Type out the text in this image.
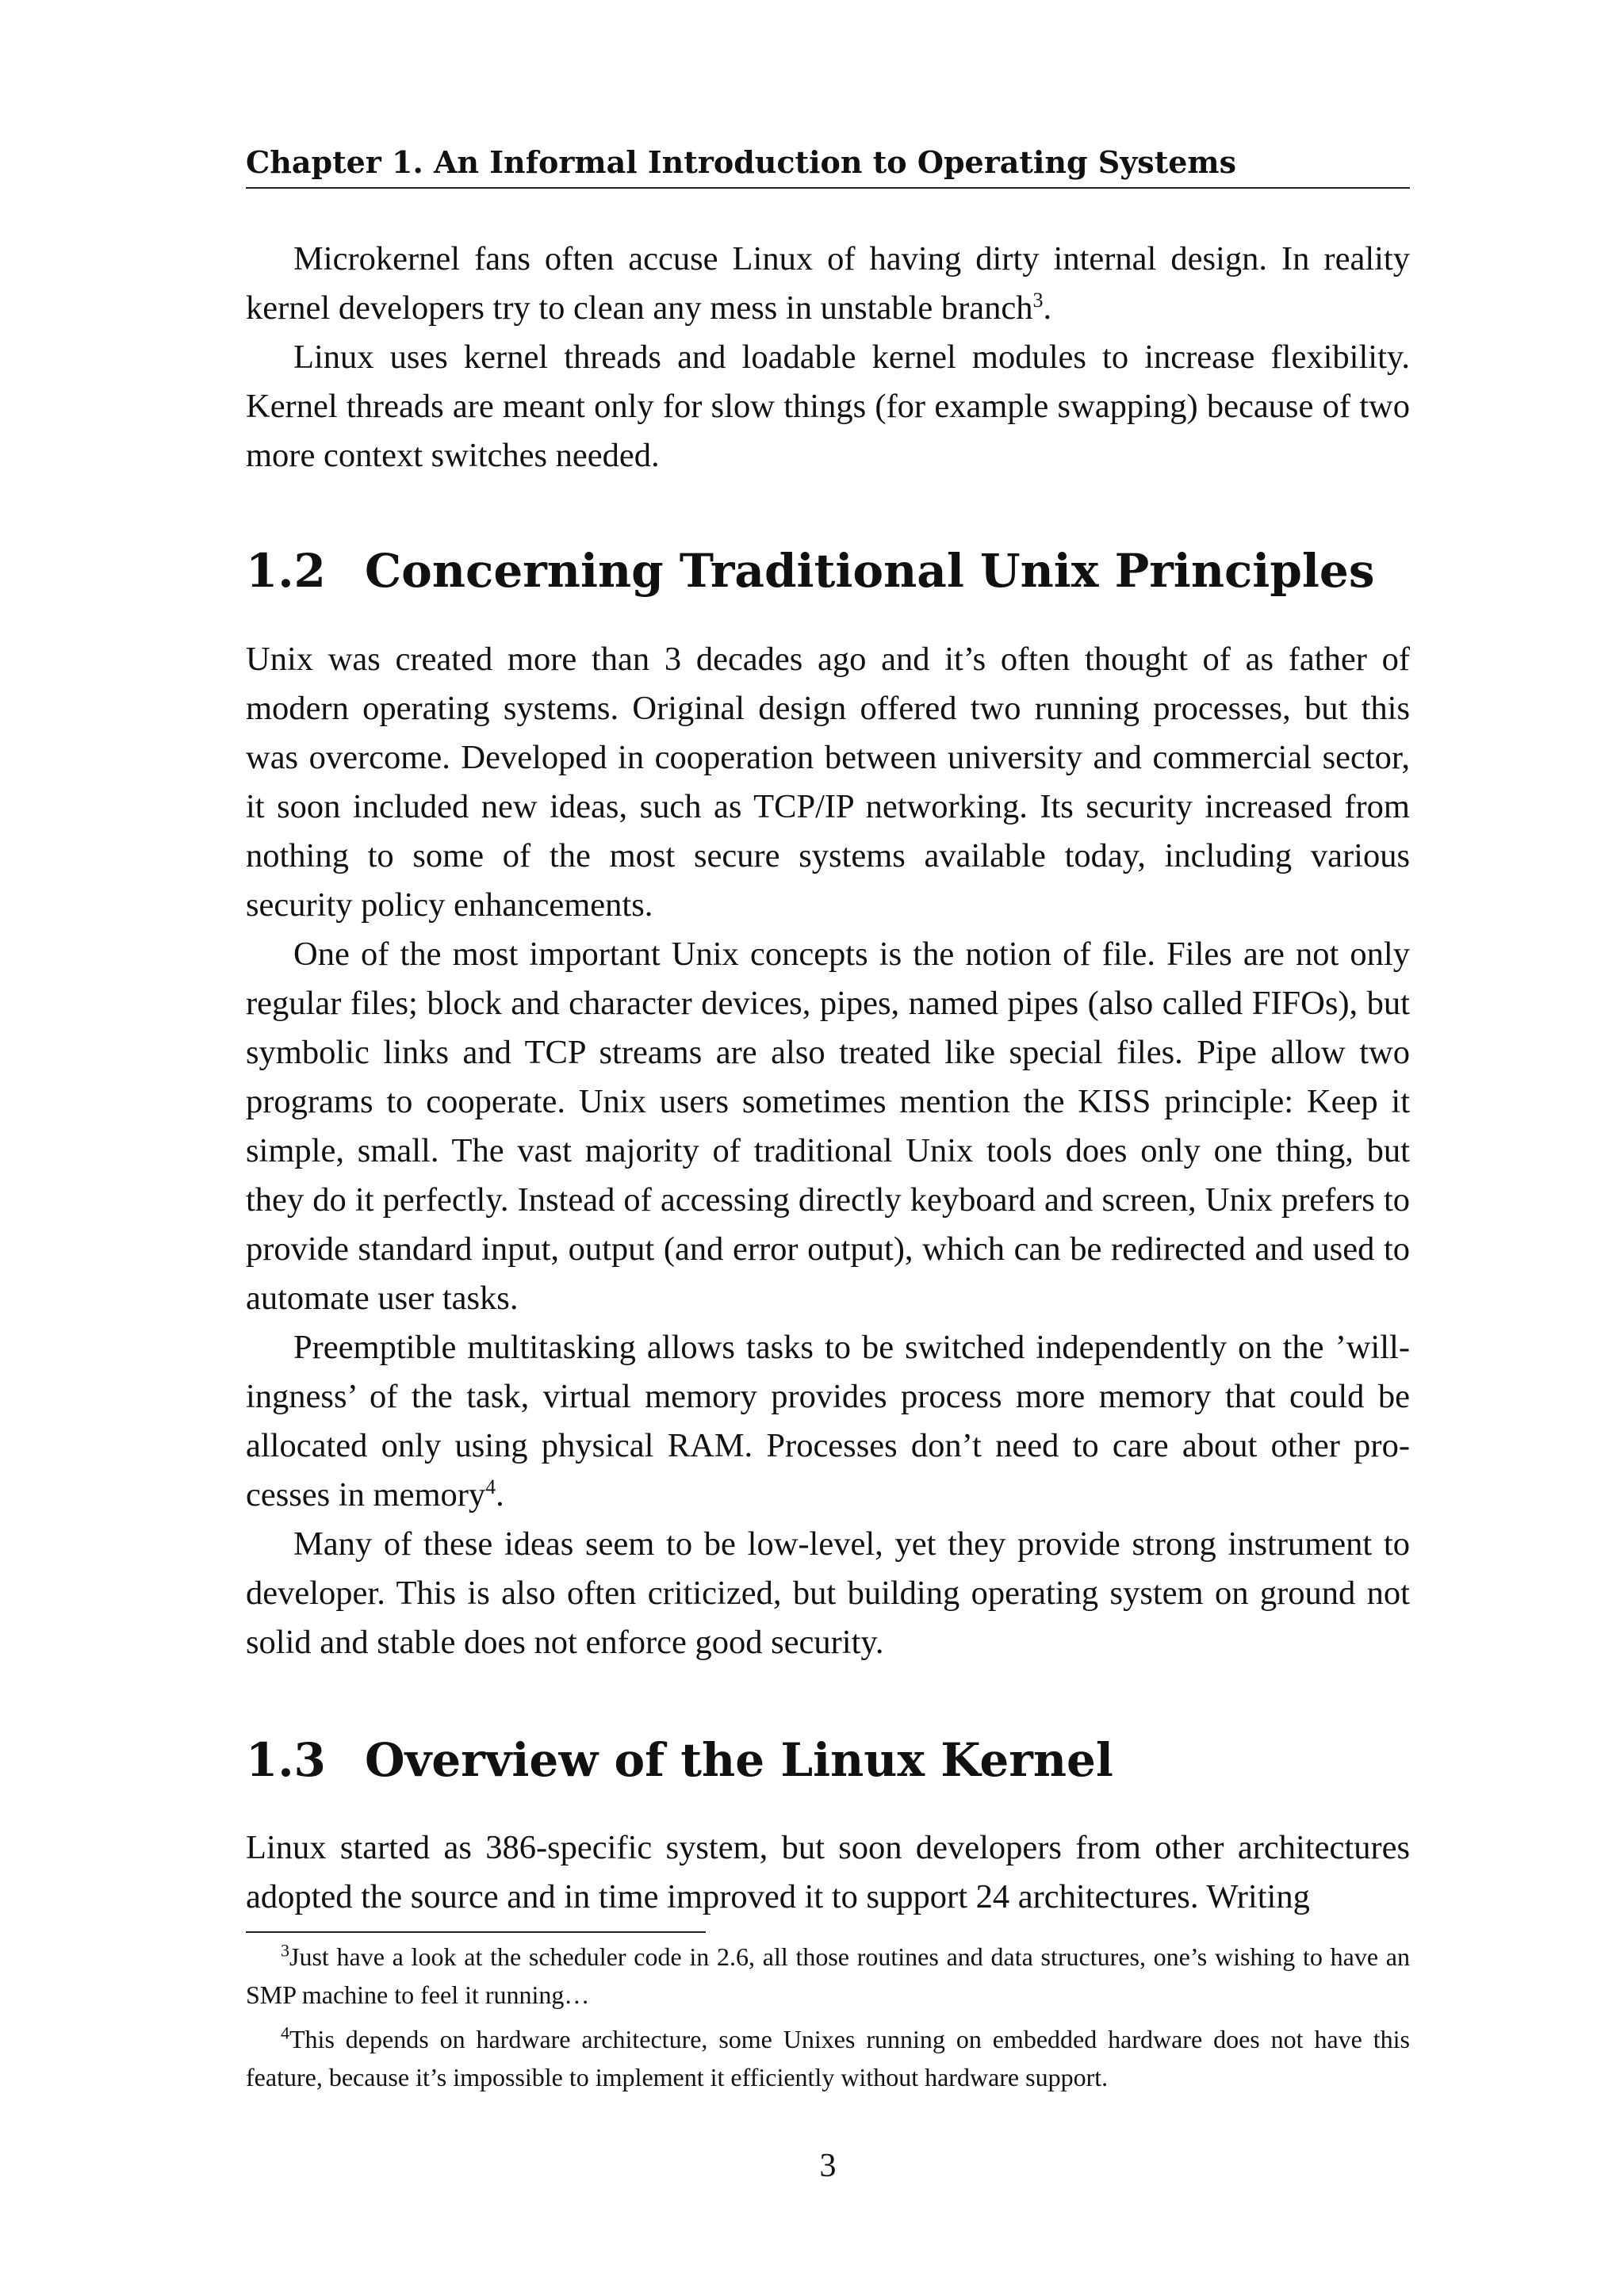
Chapter 1. An Informal Introduction to Operating Systems

Microkernel fans often accuse Linux of having dirty internal design. In reality kernel developers try to clean any mess in unstable branch$^3$.

Linux uses kernel threads and loadable kernel modules to increase flexibility. Kernel threads are meant only for slow things (for example swapping) because of two more context switches needed.

1.2 Concerning Traditional Unix Principles

Unix was created more than 3 decades ago and it’s often thought of as father of modern operating systems. Original design offered two running processes, but this was overcome. Developed in cooperation between university and commercial sector, it soon included new ideas, such as TCP/IP networking. Its security increased from nothing to some of the most secure systems available today, including various security policy enhancements.

One of the most important Unix concepts is the notion of file. Files are not only regular files; block and character devices, pipes, named pipes (also called FIFOs), but symbolic links and TCP streams are also treated like special files. Pipe allow two programs to cooperate. Unix users sometimes mention the KISS principle: Keep it simple, small. The vast majority of traditional Unix tools does only one thing, but they do it perfectly. Instead of accessing directly keyboard and screen, Unix prefers to provide standard input, output (and error output), which can be redirected and used to automate user tasks.

Preemptible multitasking allows tasks to be switched independently on the ’willingness’ of the task, virtual memory provides process more memory that could be allocated only using physical RAM. Processes don’t need to care about other processes in memory$^4$.

Many of these ideas seem to be low-level, yet they provide strong instrument to developer. This is also often criticized, but building operating system on ground not solid and stable does not enforce good security.

1.3 Overview of the Linux Kernel

Linux started as 386-specific system, but soon developers from other architectures adopted the source and in time improved it to support 24 architectures. Writing

$^3$Just have a look at the scheduler code in 2.6, all those routines and data structures, one’s wishing to have an SMP machine to feel it running…

$^4$This depends on hardware architecture, some Unixes running on embedded hardware does not have this feature, because it’s impossible to implement it efficiently without hardware support.

3
